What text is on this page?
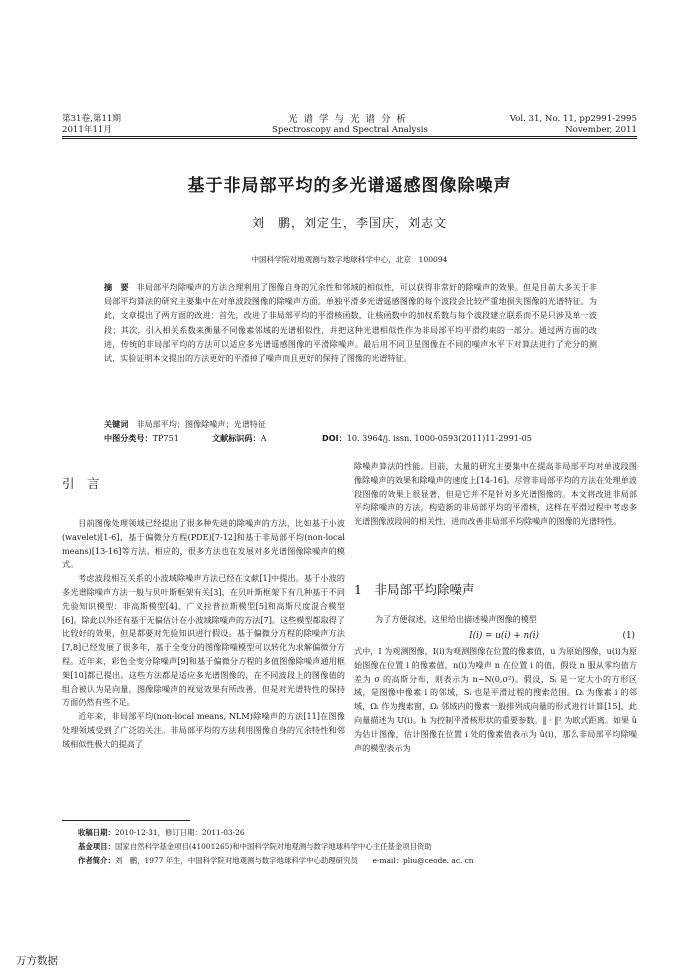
第31卷,第11期
2011年11月
光谱学与光谱分析
Spectroscopy and Spectral Analysis
Vol. 31, No. 11, pp2991-2995
November, 2011
基于非局部平均的多光谱遥感图像除噪声
刘　鹏，刘定生，李国庆，刘志文
中国科学院对地观测与数字地球科学中心，北京　100094
摘　要 非局部平均除噪声的方法合理利用了图像自身的冗余性和邻域的相似性，可以获得非常好的除噪声的效果。但是目前大多关于非局部平均算法的研究主要集中在对单波段图像的除噪声方面。单独平滑多光谱遥感图像的每个波段会比较严重地损失图像的光谱特征。为此，文章提出了两方面的改进：首先，改进了非局部平均的平滑核函数，让核函数中的加权系数与每个波段建立联系而不是只涉及单一波段；其次，引入相关系数来衡量不同像素邻域的光谱相似性，并把这种光谱相似性作为非局部平均平滑约束的一部分。通过两方面的改进，传统的非局部平均的方法可以适应多光谱遥感图像的平滑除噪声。最后用不同卫星图像在不同的噪声水平下对算法进行了充分的测试，实验证明本文提出的方法更好的平滑掉了噪声而且更好的保持了图像的光谱特征。
关键词　 非局部平均；图像除噪声；光谱特征
中图分类号：TP751	文献标识码：A	DOI：10. 3964/j. issn. 1000-0593(2011)11-2991-05
引　言

目前图像处理领域已经提出了很多种先进的除噪声的方法，比如基于小波(wavelet)[1-6]、基于偏微分方程(PDE)[7-12]和基于非局部平均(non-local means)[13-16]等方法。相应的，很多方法也在发展对多光谱图像除噪声的模式。

考虑波段相互关系的小波域除噪声方法已经在文献[1]中提出。基于小波的多光谱除噪声方法一般与贝叶斯框架有关[3]，在贝叶斯框架下有几种基于不同先验知识模型：非高斯模型[4]、广义拉普拉斯模型[5]和高斯尺度混合模型[6]。除此以外还有基于无偏估计在小波域除噪声的方法[7]。这些模型都取得了比较好的效果，但是都要对先验知识进行假设。基于偏微分方程的除噪声方法[7,8]已经发展了很多年，基于全变分的图像除噪模型可以转化为求解偏微分方程。近年来，彩色全变分除噪声[9]和基于偏微分方程的多值图像除噪声通用框架[10]都已提出。这些方法都是适应多光谱图像的，在不同波段上的图像值的组合被认为是向量，图像除噪声的视觉效果有所改善，但是对光谱特性的保持方面仍然有些不足。

近年来，非局部平均(non-local means, NLM)除噪声的方法[11]在图像处理领域受到了广泛的关注。非局部平均的方法利用图像自身的冗余特性和邻域相似性极大的提高了

除噪声算法的性能。目前，大量的研究主要集中在提高非局部平均对单波段图像除噪声的效果和除噪声的速度上[14-16]。尽管非局部平均的方法在处理单波段图像的效果上很显著，但是它并不是针对多光谱图像的。本文将改进非局部平均除噪声的方法，构造新的非局部平均的平滑核，这样在平滑过程中考虑多光谱图像波段间的相关性，进而改善非局部平均除噪声的图像的光谱特性。

1　非局部平均除噪声
为了方便叙述，这里给出描述噪声图像的模型
I(i) = u(i) + n(i)	(1)

式中，I 为观测图像，I(i)为观测图像在位置的像素值，u 为原始图像，u(i)为原始图像在位置 i 的像素值，n(i)为噪声 n 在位置 i 的值，假设 n 服从零均值方差为 σ 的高斯分布，则表示为 n~N(0,σ²)。假设，Sᵢ 是一定大小的方形区域，是图像中像素 i 的邻域，Sᵢ 也是平滑过程的搜索范围。Ωᵢ 为像素 i 的邻域，Ωᵢ 作为搜索窗，Ωᵢ 邻域内的像素一般排列成向量的形式进行计算[15]，此向量描述为 U(i)。h 为控制平滑核形状的重要参数。‖ · ‖² 为欧式距离。如果 û 为估计图像，估计图像在位置 i 处的像素值表示为 û(i)，那么非局部平均除噪声的模型表示为

收稿日期：2010-12-31，修订日期：2011-03-26
基金项目：国家自然科学基金项目(41001265)和中国科学院对地观测与数字地球科学中心主任基金项目资助
作者简介：刘　鹏，1977 年生，中国科学院对地观测与数字地球科学中心助理研究员　　e-mail：pliu@ceode. ac. cn
万方数据
